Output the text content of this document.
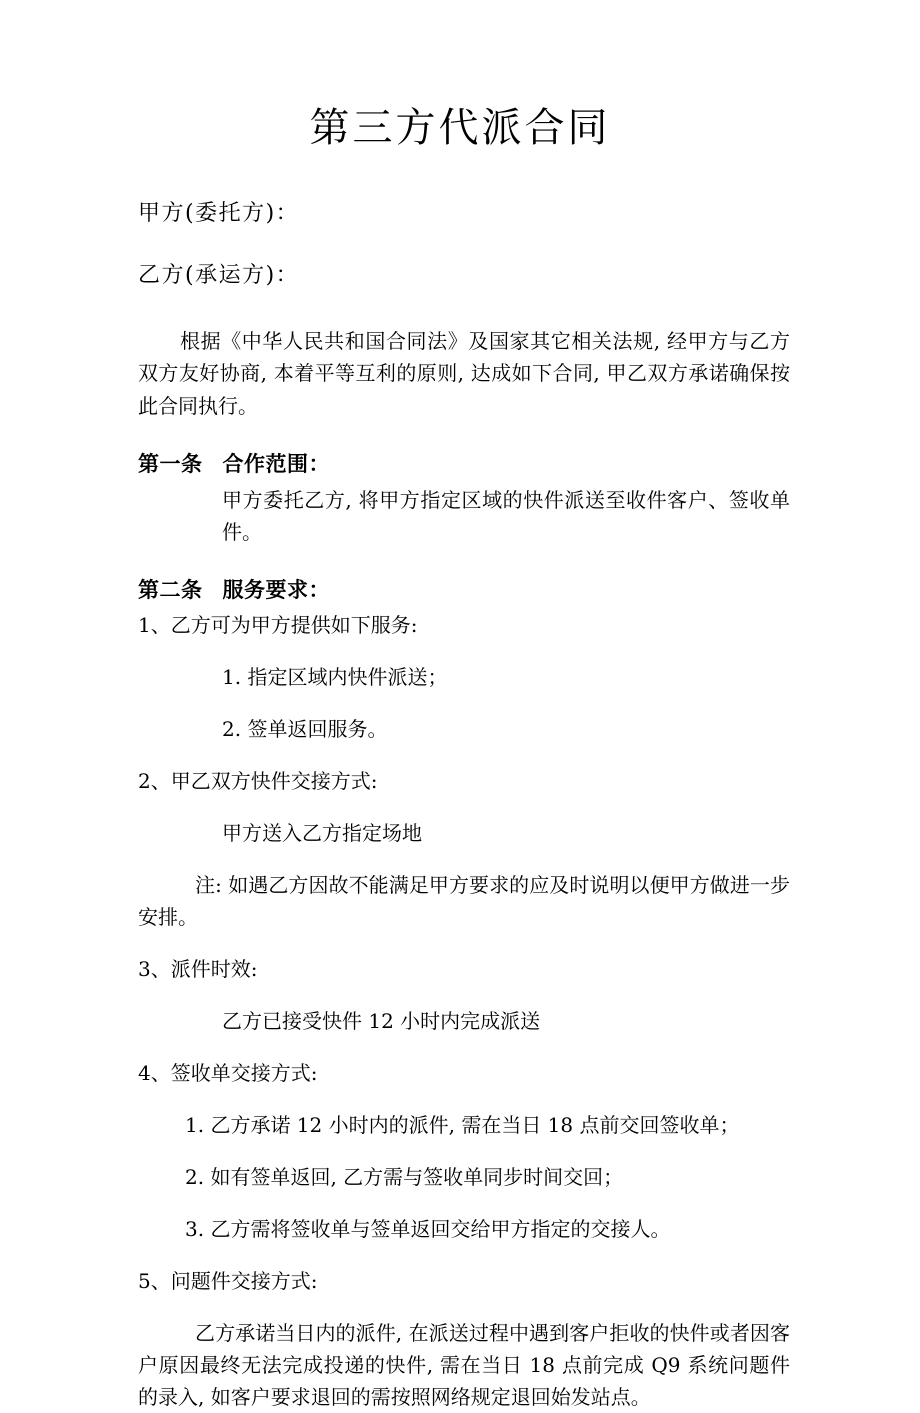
第三方代派合同
甲方(委托方)：
乙方(承运方)：

根据《中华人民共和国合同法》及国家其它相关法规, 经甲方与乙方双方友好协商, 本着平等互利的原则, 达成如下合同, 甲乙双方承诺确保按此合同执行。

第一条 合作范围：

甲方委托乙方, 将甲方指定区域的快件派送至收件客户、签收单件。

第二条 服务要求：

1、乙方可为甲方提供如下服务:

1. 指定区域内快件派送；

2. 签单返回服务。

2、甲乙双方快件交接方式:

甲方送入乙方指定场地

注: 如遇乙方因故不能满足甲方要求的应及时说明以便甲方做进一步安排。

3、派件时效:

乙方已接受快件 12 小时内完成派送

4、签收单交接方式:

1. 乙方承诺 12 小时内的派件, 需在当日 18 点前交回签收单；

2. 如有签单返回, 乙方需与签收单同步时间交回；

3. 乙方需将签收单与签单返回交给甲方指定的交接人。

5、问题件交接方式:

乙方承诺当日内的派件, 在派送过程中遇到客户拒收的快件或者因客户原因最终无法完成投递的快件, 需在当日 18 点前完成 Q9 系统问题件的录入, 如客户要求退回的需按照网络规定退回始发站点。
